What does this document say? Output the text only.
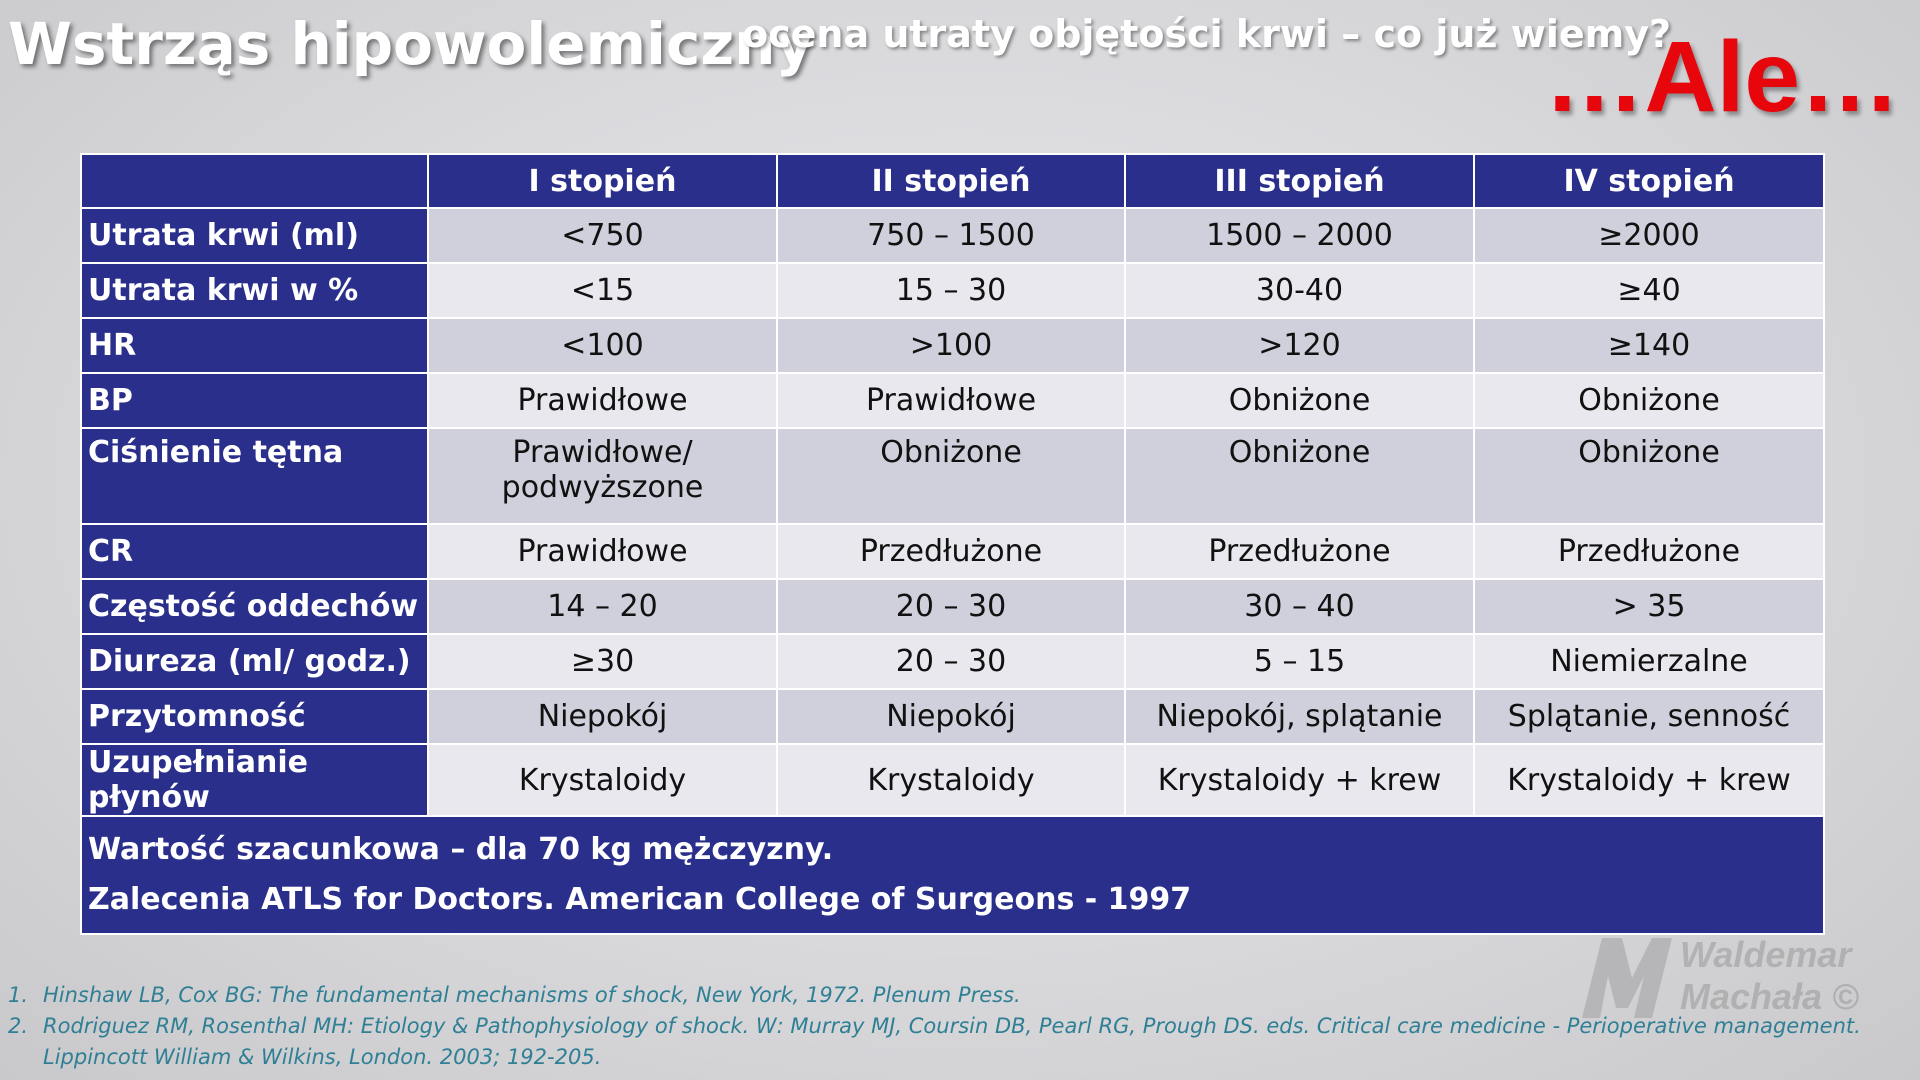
Wstrząs hipowolemiczny
ocena utraty objętości krwi – co już wiemy?
…Ale…
	I stopień	II stopień	III stopień	IV stopień
Utrata krwi (ml)	<750	750 – 1500	1500 – 2000	≥2000
Utrata krwi w %	<15	15 – 30	30-40	≥40
HR	<100	>100	>120	≥140
BP	Prawidłowe	Prawidłowe	Obniżone	Obniżone
Ciśnienie tętna	Prawidłowe/ podwyższone	Obniżone	Obniżone	Obniżone
CR	Prawidłowe	Przedłużone	Przedłużone	Przedłużone
Częstość oddechów	14 – 20	20 – 30	30 – 40	> 35
Diureza (ml/ godz.)	≥30	20 – 30	5 – 15	Niemierzalne
Przytomność	Niepokój	Niepokój	Niepokój, splątanie	Splątanie, senność
Uzupełnianie płynów	Krystaloidy	Krystaloidy	Krystaloidy + krew	Krystaloidy + krew

Wartość szacunkowa – dla 70 kg mężczyzny.
Zalecenia ATLS for Doctors. American College of Surgeons - 1997				
1. Hinshaw LB, Cox BG: The fundamental mechanisms of shock, New York, 1972. Plenum Press.
2. Rodriguez RM, Rosenthal MH: Etiology & Pathophysiology of shock. W: Murray MJ, Coursin DB, Pearl RG, Prough DS. eds. Critical care medicine - Perioperative management.
Lippincott William & Wilkins, London. 2003; 192-205.
Waldemar
Machała ©
